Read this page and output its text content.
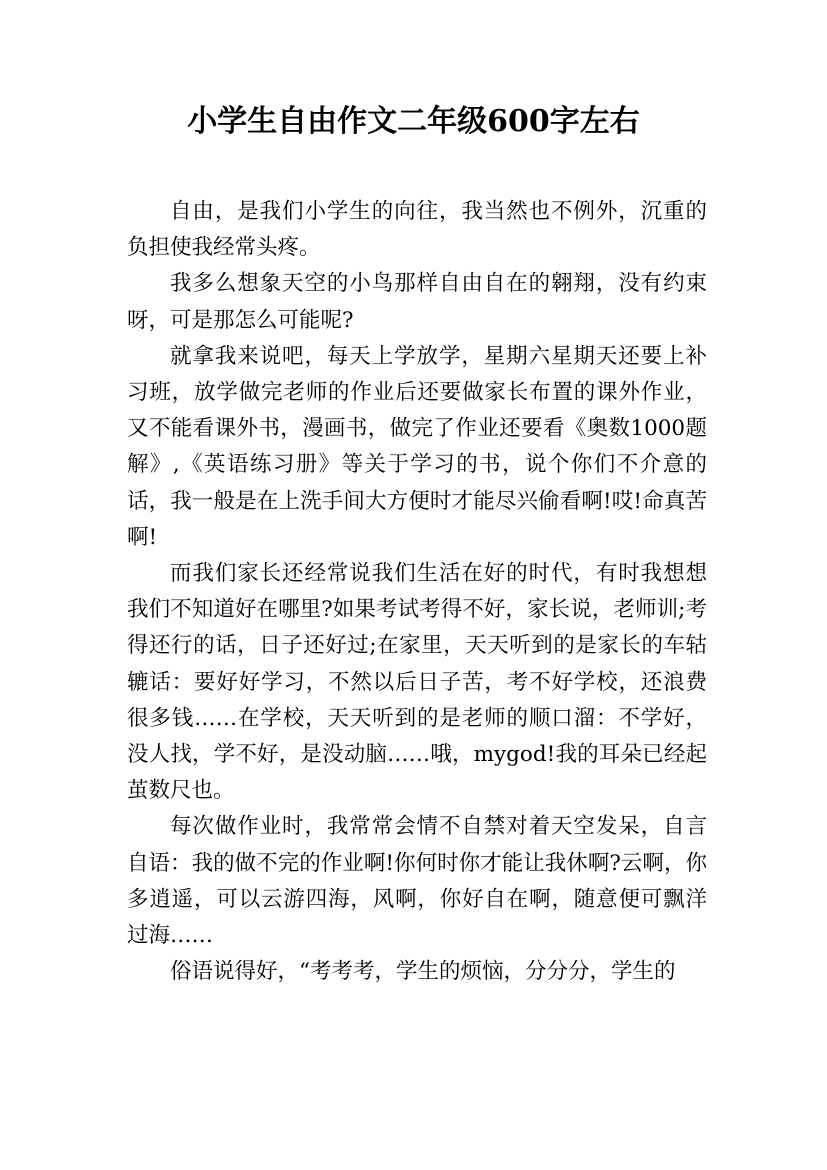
小学生自由作文二年级600字左右

自由，是我们小学生的向往，我当然也不例外，沉重的负担使我经常头疼。

我多么想象天空的小鸟那样自由自在的翱翔，没有约束呀，可是那怎么可能呢?

就拿我来说吧，每天上学放学，星期六星期天还要上补习班，放学做完老师的作业后还要做家长布置的课外作业，又不能看课外书，漫画书，做完了作业还要看《奥数1000题解》,《英语练习册》等关于学习的书，说个你们不介意的话，我一般是在上洗手间大方便时才能尽兴偷看啊!哎!命真苦啊!

而我们家长还经常说我们生活在好的时代，有时我想想我们不知道好在哪里?如果考试考得不好，家长说，老师训;考得还行的话，日子还好过;在家里，天天听到的是家长的车轱辘话：要好好学习，不然以后日子苦，考不好学校，还浪费很多钱……在学校，天天听到的是老师的顺口溜：不学好，没人找，学不好，是没动脑……哦，mygod!我的耳朵已经起茧数尺也。

每次做作业时，我常常会情不自禁对着天空发呆，自言自语：我的做不完的作业啊!你何时你才能让我休啊?云啊，你多逍遥，可以云游四海，风啊，你好自在啊，随意便可飘洋过海……

俗语说得好，“考考考，学生的烦恼，分分分，学生的
